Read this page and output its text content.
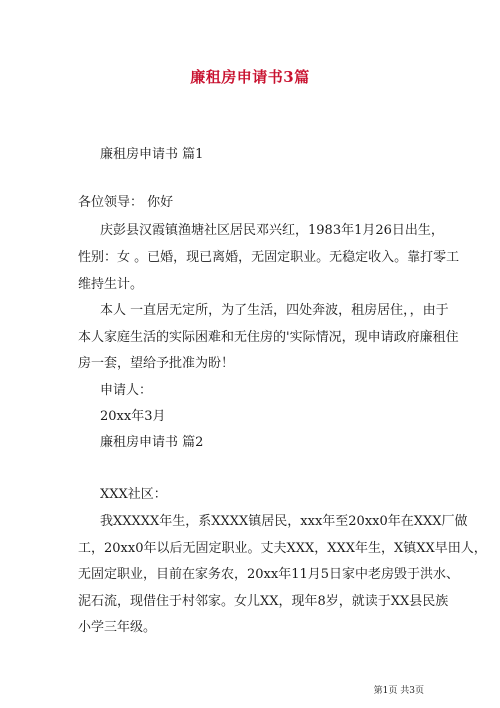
廉租房申请书3篇
廉租房申请书 篇1
各位领导： 你好
庆彭县汉霞镇渔塘社区居民邓兴红，1983年1月26日出生，
性别：女 。已婚，现已离婚，无固定职业。无稳定收入。靠打零工
维持生计。
本人 一直居无定所，为了生活，四处奔波，租房居住，，由于
本人家庭生活的实际困难和无住房的'实际情况，现申请政府廉租住
房一套，望给予批准为盼！
申请人：
20xx年3月
廉租房申请书 篇2
XXX社区：
我XXXXX年生，系XXXX镇居民，xxx年至20xx0年在XXX厂做
工，20xx0年以后无固定职业。丈夫XXX，XXX年生，X镇XX早田人，
无固定职业，目前在家务农，20xx年11月5日家中老房毁于洪水、
泥石流，现借住于村邻家。女儿XX，现年8岁，就读于XX县民族
小学三年级。
第1页 共3页
